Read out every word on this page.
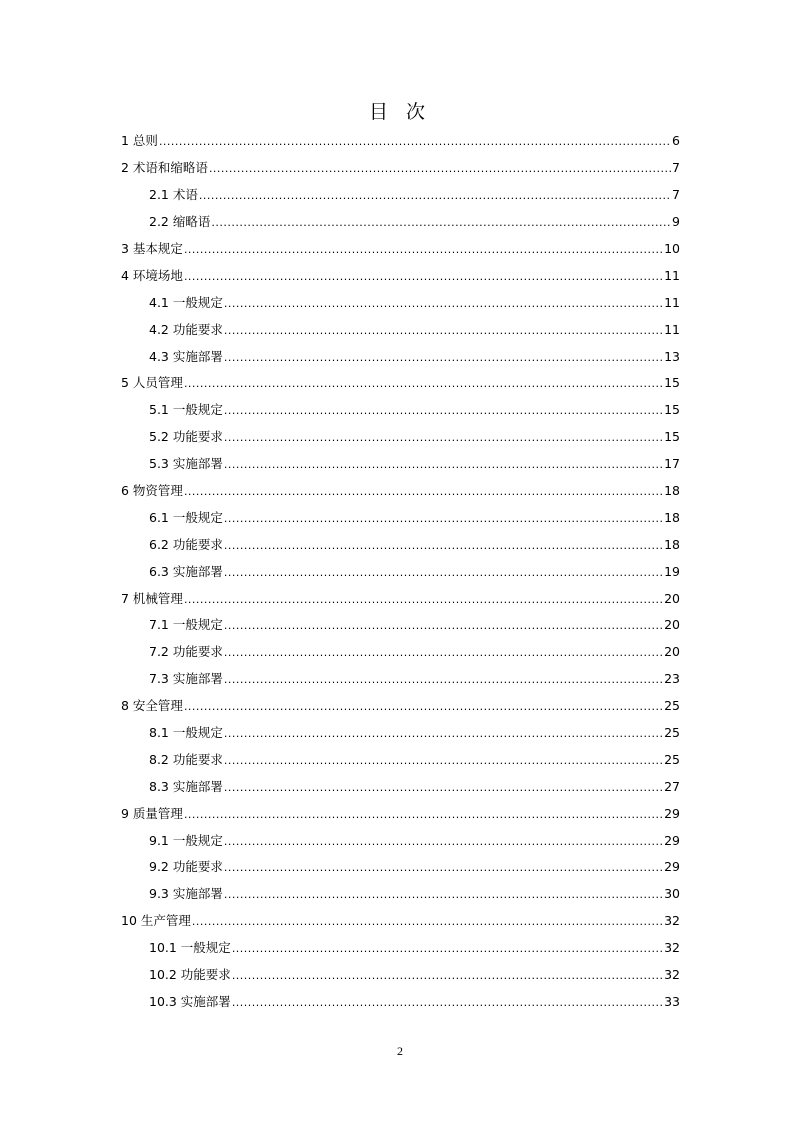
目 次
1 总则 .....	6
2 术语和缩略语 .....	7
2.1 术语 .....	7
2.2 缩略语 .....	9
3 基本规定 .....	10
4 环境场地 .....	11
4.1 一般规定 .....	11
4.2 功能要求 .....	11
4.3 实施部署 .....	13
5 人员管理 .....	15
5.1 一般规定 .....	15
5.2 功能要求 .....	15
5.3 实施部署 .....	17
6 物资管理 .....	18
6.1 一般规定 .....	18
6.2 功能要求 .....	18
6.3 实施部署 .....	19
7 机械管理 .....	20
7.1 一般规定 .....	20
7.2 功能要求 .....	20
7.3 实施部署 .....	23
8 安全管理 .....	25
8.1 一般规定 .....	25
8.2 功能要求 .....	25
8.3 实施部署 .....	27
9 质量管理 .....	29
9.1 一般规定 .....	29
9.2 功能要求 .....	29
9.3 实施部署 .....	30
10 生产管理 .....	32
10.1 一般规定 .....	32
10.2 功能要求 .....	32
10.3 实施部署 .....	33
2
